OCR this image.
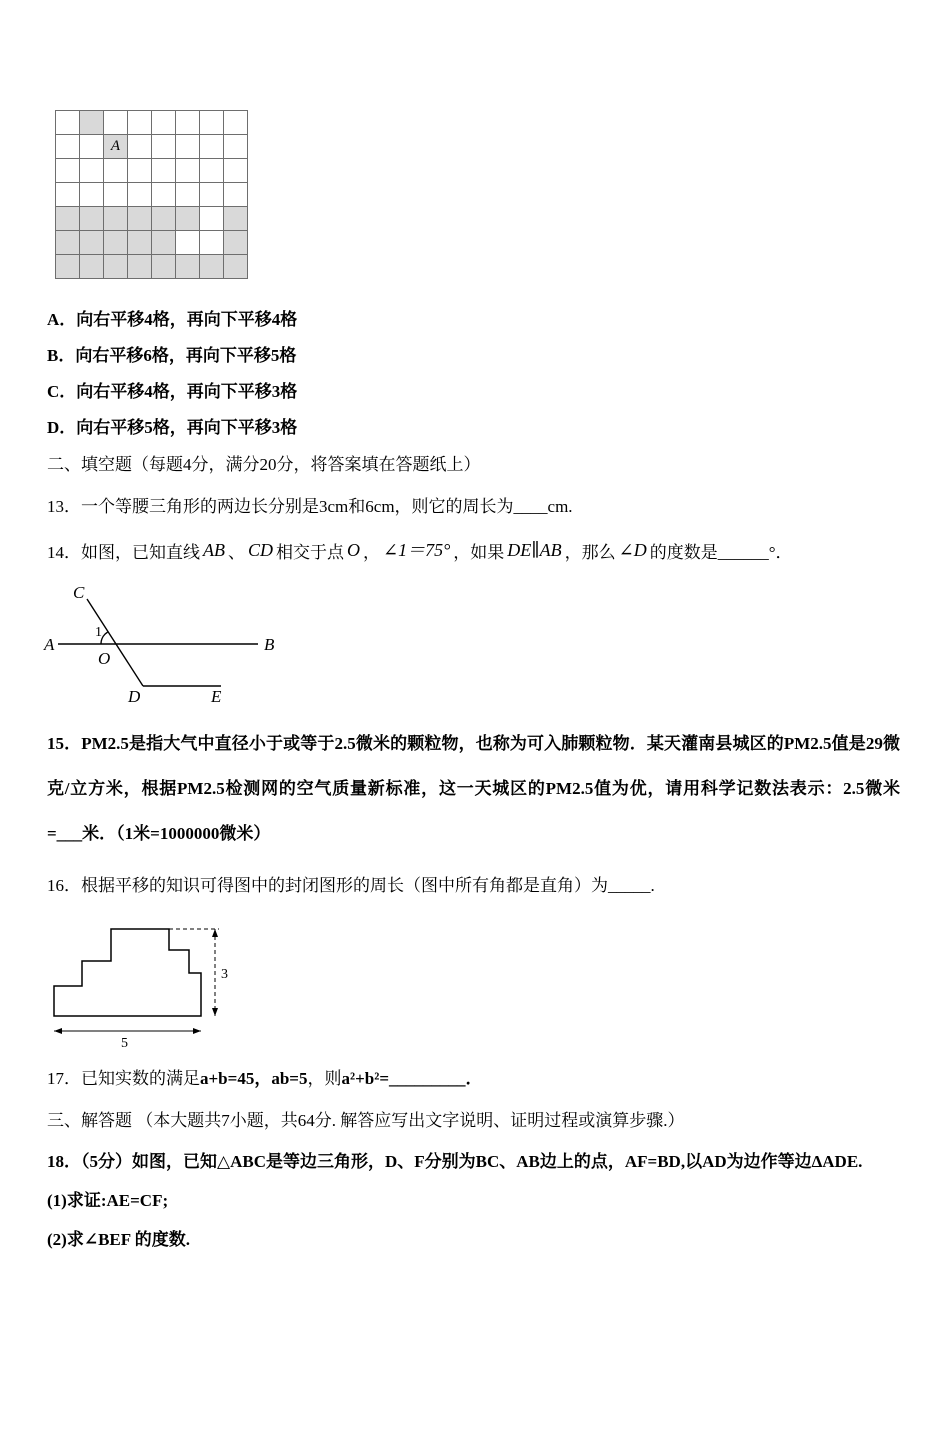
A

A．向右平移4格，再向下平移4格

B．向右平移6格，再向下平移5格

C．向右平移4格，再向下平移3格

D．向右平移5格，再向下平移3格

二、填空题（每题4分，满分20分，将答案填在答题纸上）

13．一个等腰三角形的两边长分别是3cm和6cm，则它的周长为____cm.

14．如图，已知直线 AB 、 CD 相交于点 O ， ∠1＝75° ，如果 DE∥AB ，那么 ∠D 的度数是______°．

C
A	B
O
D	E
1

15．PM2.5是指大气中直径小于或等于2.5微米的颗粒物，也称为可入肺颗粒物．某天灌南县城区的PM2.5值是29微克/立方米，根据PM2.5检测网的空气质量新标准，这一天城区的PM2.5值为优，请用科学记数法表示：2.5微米=___米．（1米=1000000微米）

16．根据平移的知识可得图中的封闭图形的周长（图中所有角都是直角）为_____.

3
5

17．已知实数的满足a+b=45，ab=5，则a²+b²=_________．

三、解答题 （本大题共7小题，共64分. 解答应写出文字说明、证明过程或演算步骤.）

18．（5分）如图，已知△ABC是等边三角形，D、F分别为BC、AB边上的点，AF=BD,以AD为边作等边ΔADE.

(1)求证:AE=CF;

(2)求∠BEF 的度数.
